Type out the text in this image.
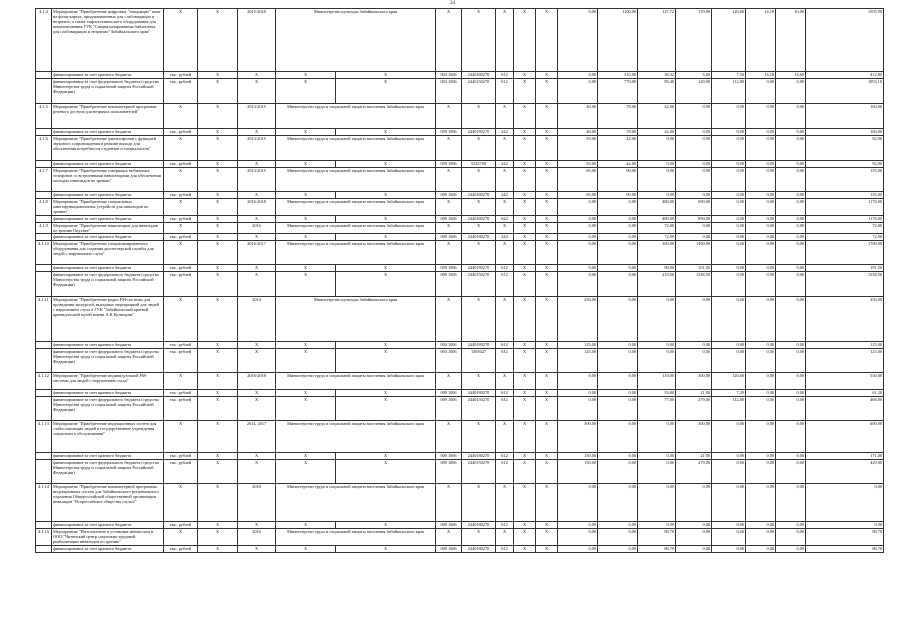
24
4.1.4	Мероприятие "Приобретение цифровых "говорящих" книг на флэш-картах, предназначенных для слабовидящих и незрячих, а также тифлотехнического оборудования для комплектования ГУК "Специализированная библиотека для слабовидящих и незрячих" Забайкальского края"	Х	Х	2015-2018	Министерство культуры Забайкальского края		Х	Х	Х	Х	Х	0,00	1100,00	127,72	170,00	120,00	14,18	10,00	1505,90
	финансирование за счет краевого бюджета	тыс. рублей	Х	Х	Х	Х	004 1006	2440180270	612	Х	Х	0,00	310,00	38,32	5,00	7,50	14,18	14,60	412,80
	финансирование за счет федерального бюджета (средства Министерства труда и социальной защиты Российской Федерации)	тыс. рублей	Х	Х	Х	Х	004 1006	2440150270	612	Х	Х	0,00	770,00	89,40	129,90	112,80	0,00	0,00	1093,10
4.1.5	Мероприятие "Приобретение компьютерной программы речевого доступа для незрячих пользователей"	Х	Х	2014-2015	Министерство труда и социальной защиты населения Забайкальского края		Х	Х	Х	Х	Х	40,00	78,00	42,00	0,00	0,00	0,00	0,00	160,00
	финансирование за счет краевого бюджета	тыс. рублей	Х	Х	Х	Х	009 1006	2440180270	242	Х	Х	40,00	78,00	42,00	0,00	0,00	0,00	0,00	160,00
4.1.6	Мероприятие "Приобретение дактилофонов с функцией звукового сопровождения в режиме выхода для обеспечения потребности студентов и специалистов"	Х	Х	2014-2015	Министерство труда и социальной защиты населения Забайкальского края		Х	Х	Х	Х	Х	50,00	42,00	0,00	0,00	0,00	0,00	0,00	92,00
	финансирование за счет краевого бюджета	тыс. рублей	Х	Х	Х	Х	009 1006	5222700	242	Х	Х	50,00	42,00	0,00	0,00	0,00	0,00	0,00	92,00
4.1.7	Мероприятие "Приобретение говорящих мобильных телефонов со встроенными навигаторами для обеспечения молодых инвалидов по зрению"	Х	Х	2014-2015	Министерство труда и социальной защиты населения Забайкальского края		Х	Х	Х	Х	Х	65,00	90,00	0,00	0,00	0,00	0,00	0,00	155,00
	финансирование за счет краевого бюджета	тыс. рублей	Х	Х	Х	Х	009 1006	2440180270	242	Х	Х	65,00	90,00	0,00	0,00	0,00	0,00	0,00	155,00
4.1.8	Мероприятие "Приобретение специальных многофункциональных устройств для инвалидов по зрению"	Х	Х	2016-2018	Министерство труда и социальной защиты населения Забайкальского края		Х	Х	Х	Х	Х	0,00	0,00	480,00	690,00	0,00	0,00	0,00	1170,00
	финансирование за счет краевого бюджета	тыс. рублей	Х	Х	Х	Х	009 1006	2440180270	622	Х	Х	0,00	0,00	480,00	690,00	0,00	0,00	0,00	1170,00
4.1.9	Мероприятие "Приобретение навигаторов для инвалидов по зрению Onyxbee"	Х	Х	2016	Министерство труда и социальной защиты населения Забайкальского края		Х	Х	Х	Х	Х	0,00	0,00	72,00	0,00	0,00	0,00	0,00	72,00
	финансирование за счет краевого бюджета	тыс. рублей	Х	Х	Х	Х	009 1006	2440180270	244	Х	Х	0,00	0,00	72,00	0,00	0,00	0,00	0,00	72,00
4.1.10	Мероприятие "Приобретение специализированного оборудования для создания диспетчерской службы для людей с нарушением слуха"	Х	Х	2016-2017	Министерство труда и социальной защиты населения Забайкальского края		Х	Х	Х	Х	Х	0,00	0,00	300,00	1490,00	0,00	0,00	0,00	1790,00
	финансирование за счет краевого бюджета	тыс. рублей	Х	Х	Х	Х	009 1006	2440180270	612	Х	Х	0,00	0,00	90,00	101,50	0,00	0,00	0,00	191,50
	финансирование за счет федерального бюджета (средства Министерства труда и социальной защиты Российской Федерации)	тыс. рублей	Х	Х	Х	Х	009 1006	2440150270	612	Х	Х	0,00	0,00	210,00	1348,50	0,00	0,00	0,00	1558,50
4.1.11	Мероприятие "Приобретение радио FM-системы для проведения экскурсий, выездных мероприятий для людей с нарушением слуха в ГУК "Забайкальский краевой краеведческий музей имени А.К.Кузнецова"	Х	Х	2014	Министерство культуры Забайкальского края		Х	Х	Х	Х	Х	250,00	0,00	0,00	0,00	0,00	0,00	0,00	250,00
	финансирование за счет краевого бюджета	тыс. рублей	Х	Х	Х	Х	004 1006	2440180270	612	Х	Х	125,00	0,00	0,00	0,00	0,00	0,00	0,00	125,00
	финансирование за счет федерального бюджета (средства Министерства труда и социальной защиты Российской Федерации)	тыс. рублей	Х	Х	Х	Х	004 1006	1505027	612	Х	Х	125,00	0,00	0,00	0,00	0,00	0,00	0,00	125,00
4.1.12	Мероприятие "Приобретение индивидуальной FM-системы для людей с нарушением слуха"	Х	Х	2016-2018	Министерство труда и социальной защиты населения Забайкальского края		Х	Х	Х	Х	Х	0,00	0,00	110,00	300,00	120,00	0,00	0,00	530,00
	финансирование за счет краевого бюджета	тыс. рублей	Х	Х	Х	Х	009 1006	2440180270	612	Х	Х	0,00	0,00	33,00	21,00	7,20	0,00	0,00	61,20
	финансирование за счет федерального бюджета (средства Министерства труда и социальной защиты Российской Федерации)	тыс. рублей	Х	Х	Х	Х	009 1006	2440150270	612	Х	Х	0,00	0,00	77,00	279,00	112,80	0,00	0,00	468,80
4.1.13	Мероприятие "Приобретение индукционных систем для слабослышащих людей в государственные учреждения социального обслуживания"	Х	Х	2014, 2017	Министерство труда и социальной защиты населения Забайкальского края		Х	Х	Х	Х	Х	300,00	0,00	0,00	300,00	0,00	0,00	0,00	600,00
	финансирование за счет краевого бюджета	тыс. рублей	Х	Х	Х	Х	009 1006	2440180270	612	Х	Х	150,00	0,00	0,00	21,00	0,00	0,00	0,00	171,00
	финансирование за счет федерального бюджета (средства Министерства труда и социальной защиты Российской Федерации)	тыс. рублей	Х	Х	Х	Х	009 1006	2440150270	612	Х	Х	150,00	0,00	0,00	279,00	0,00	0,00	0,00	429,00
4.1.14	Мероприятие "Приобретение компьютерной программы, индукционных систем для Забайкальского регионального отделения Общероссийской общественной организации инвалидов "Всероссийское общество глухих"	Х	Х	2018	Министерство труда и социальной защиты населения Забайкальского края		Х	Х	Х	Х	Х	0,00	0,00	0,00	0,00	0,00	0,00	0,00	0,00
	финансирование за счет краевого бюджета	тыс. рублей	Х	Х	Х	Х	009 1006	2440180270	612	Х	Х	0,00	0,00	0,00	0,00	0,00	0,00	0,00	0,00
4.1.15	Мероприятие "Изготовление и установка мнемосхем в ООО "Читинский центр социально-трудовой реабилитации инвалидов по зрению"	Х	Х	2016	Министерство труда и социальной защиты населения Забайкальского края		Х	Х	Х	Х	Х	0,00	0,00	80,70	0,00	0,00	0,00	0,00	80,70
	финансирование за счет краевого бюджета	тыс. рублей	Х	Х	Х	Х	009 1006	2440180270	612	Х	Х	0,00	0,00	80,70	0,00	0,00	0,00	0,00	80,70
